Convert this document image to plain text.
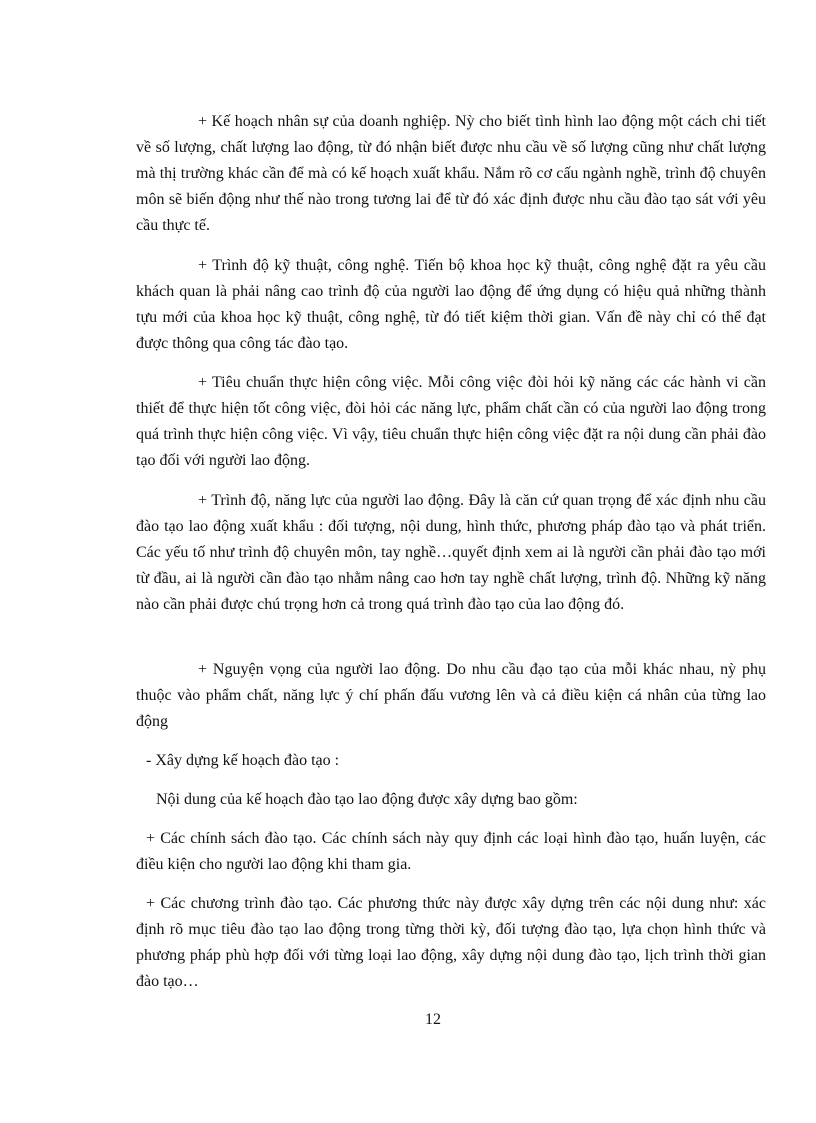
+ Kế hoạch nhân sự của doanh nghiệp. Nỳ cho biết tình hình lao động một cách chi tiết về số lượng, chất lượng lao động, từ đó nhận biết được nhu cầu về số lượng cũng như chất lượng mà thị trường khác cần để mà có kế hoạch xuất khẩu. Nắm rõ cơ cấu ngành nghề, trình độ chuyên môn sẽ biến động như thế nào trong tương lai để từ đó xác định được nhu cầu đào tạo sát với yêu cầu thực tế.

+ Trình độ kỹ thuật, công nghệ. Tiến bộ khoa học kỹ thuật, công nghệ đặt ra yêu cầu khách quan là phải nâng cao trình độ của người lao động để ứng dụng có hiệu quả những thành tựu mới của khoa học kỹ thuật, công nghệ, từ đó tiết kiệm thời gian. Vấn đề này chỉ có thể đạt được thông qua công tác đào tạo.

+ Tiêu chuẩn thực hiện công việc. Mỗi công việc đòi hỏi kỹ năng các các hành vi cần thiết để thực hiện tốt công việc, đòi hỏi các năng lực, phẩm chất cần có của người lao động trong quá trình thực hiện công việc. Vì vậy, tiêu chuẩn thực hiện công việc đặt ra nội dung cần phải đào tạo đối với người lao động.

+ Trình độ, năng lực của người lao động. Đây là căn cứ quan trọng để xác định nhu cầu đào tạo lao động xuất khẩu : đối tượng, nội dung, hình thức, phương pháp đào tạo và phát triển. Các yếu tố như trình độ chuyên môn, tay nghề…quyết định xem ai là người cần phải đào tạo mới từ đầu, ai là người cần đào tạo nhằm nâng cao hơn tay nghề chất lượng, trình độ. Những kỹ năng nào cần phải được chú trọng hơn cả trong quá trình đào tạo của lao động đó.

+ Nguyện vọng của người lao động. Do nhu cầu đạo tạo của mỗi khác nhau, nỳ phụ thuộc vào phẩm chất, năng lực ý chí phấn đấu vương lên và cả điều kiện cá nhân của từng lao động

- Xây dựng kế hoạch đào tạo :

Nội dung của kế hoạch đào tạo lao động được xây dựng bao gồm:

+ Các chính sách đào tạo. Các chính sách này quy định các loại hình đào tạo, huấn luyện, các điều kiện cho người lao động khi tham gia.

+ Các chương trình đào tạo. Các phương thức này được xây dựng trên các nội dung như: xác định rõ mục tiêu đào tạo lao động trong từng thời kỳ, đối tượng đào tạo, lựa chọn hình thức và phương pháp phù hợp đối với từng loại lao động, xây dựng nội dung đào tạo, lịch trình thời gian đào tạo…

12
